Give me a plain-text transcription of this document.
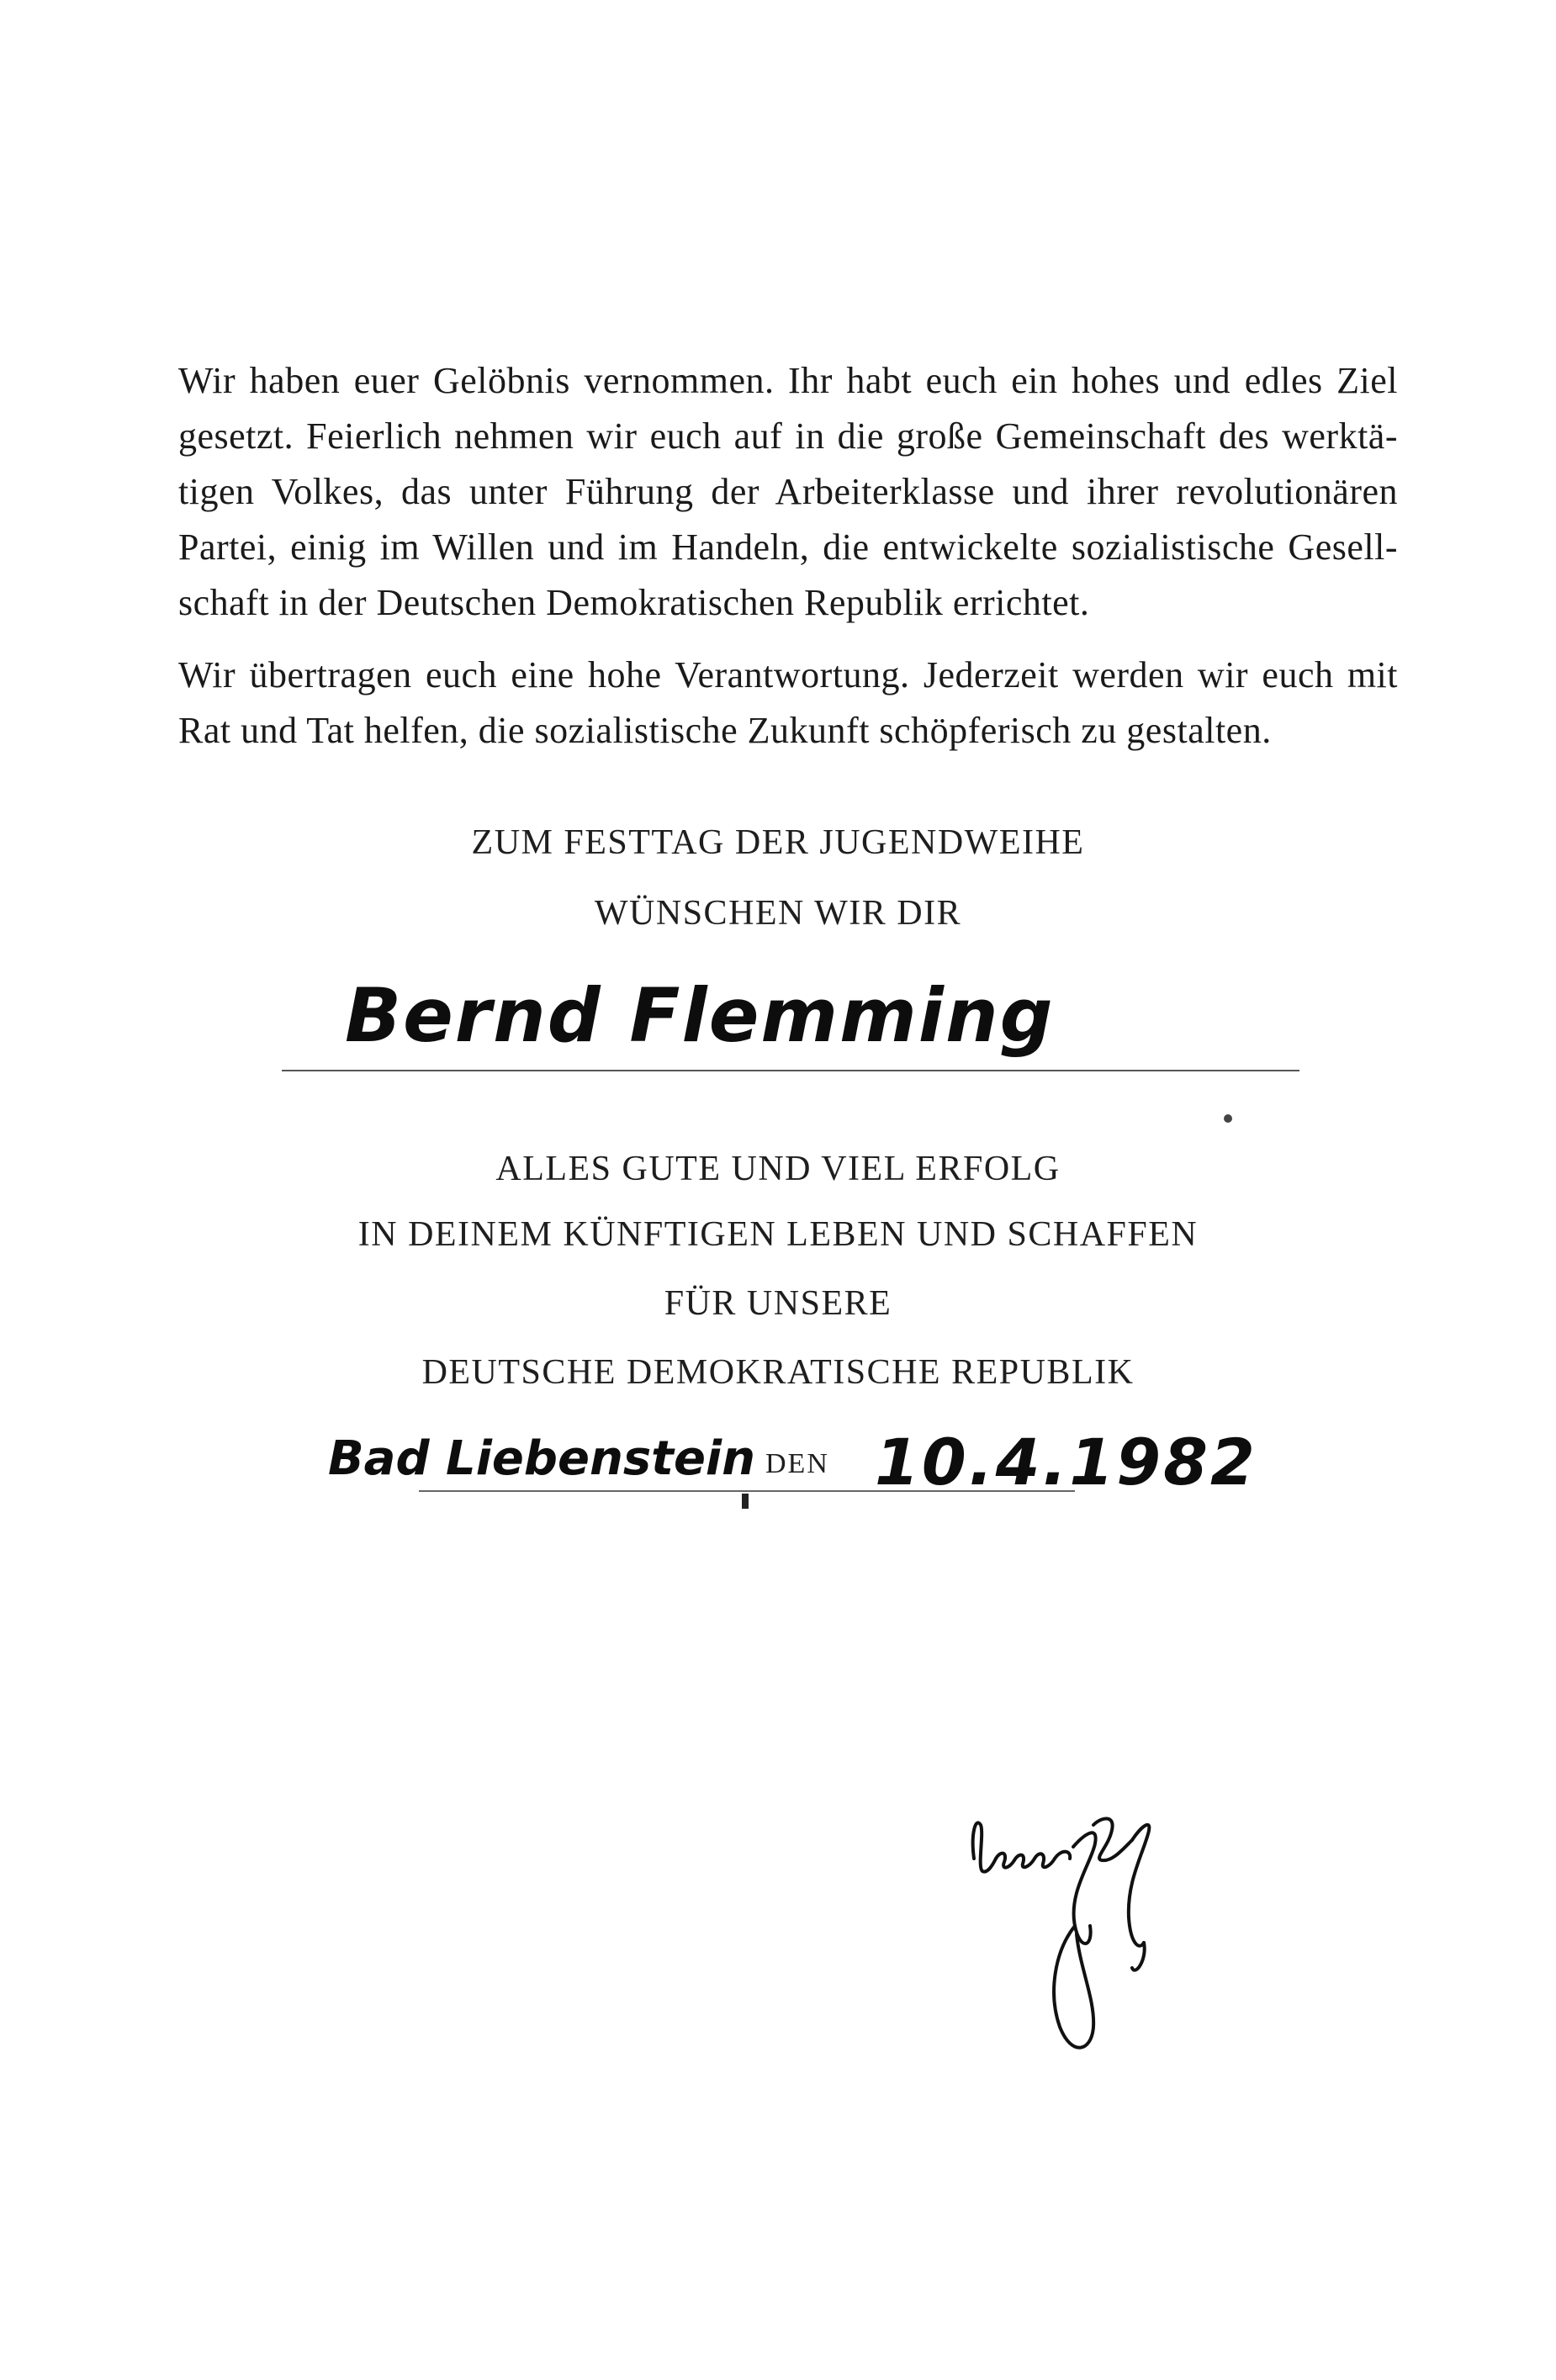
Wir haben euer Gelöbnis vernommen. Ihr habt euch ein hohes und edles Ziel
gesetzt. Feierlich nehmen wir euch auf in die große Gemeinschaft des werktä-
tigen Volkes, das unter Führung der Arbeiterklasse und ihrer revolutionären
Partei, einig im Willen und im Handeln, die entwickelte sozialistische Gesell-
schaft in der Deutschen Demokratischen Republik errichtet.
Wir übertragen euch eine hohe Verantwortung. Jederzeit werden wir euch mit
Rat und Tat helfen, die sozialistische Zukunft schöpferisch zu gestalten.

ZUM FESTTAG DER JUGENDWEIHE

WÜNSCHEN WIR DIR

Bernd Flemming

ALLES GUTE UND VIEL ERFOLG

IN DEINEM KÜNFTIGEN LEBEN UND SCHAFFEN

FÜR UNSERE

DEUTSCHE DEMOKRATISCHE REPUBLIK

Bad Liebenstein DEN 10.4.1982
